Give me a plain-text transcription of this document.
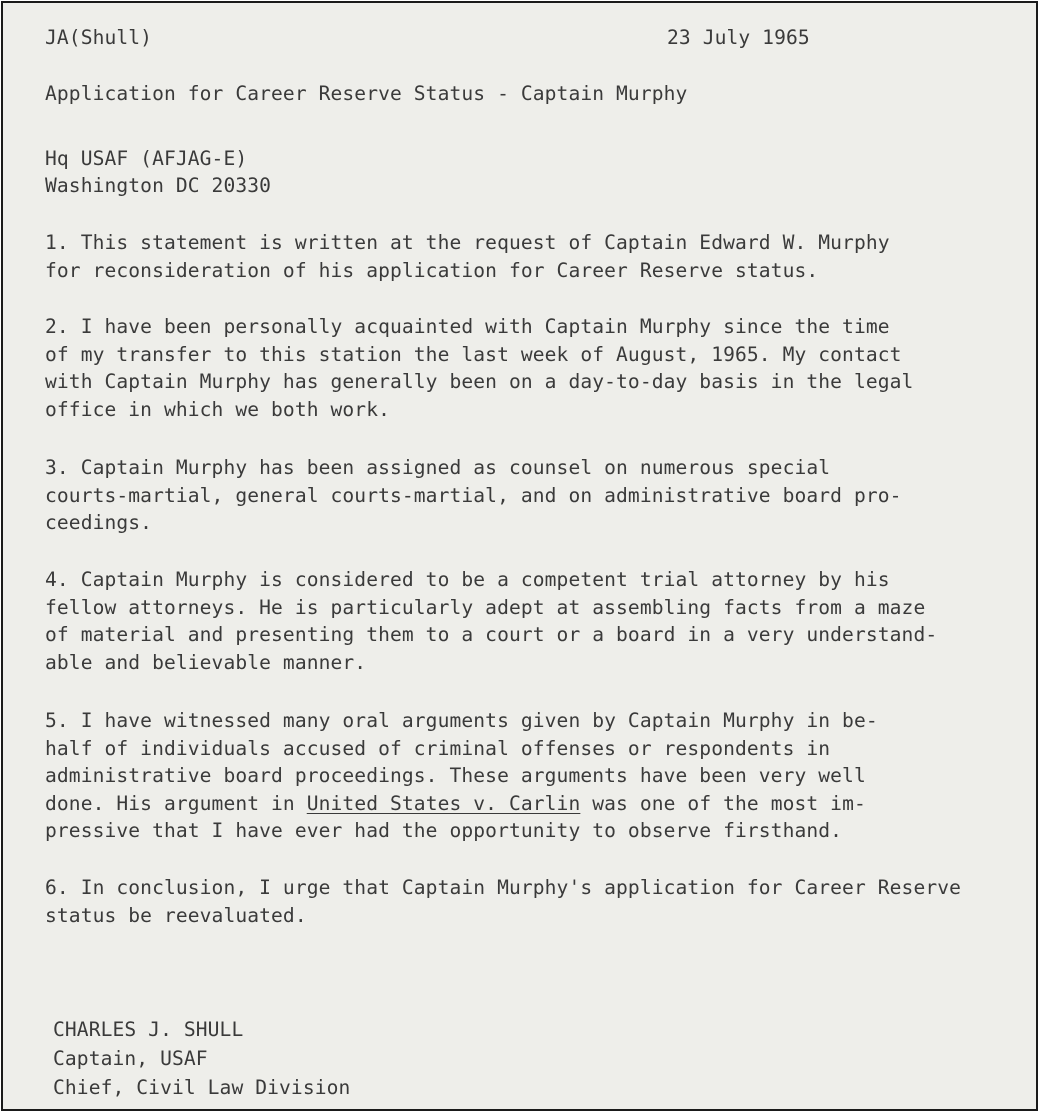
JA(Shull)	23 July 1965
Application for Career Reserve Status - Captain Murphy
Hq USAF (AFJAG-E)
Washington DC 20330
1. This statement is written at the request of Captain Edward W. Murphy
for reconsideration of his application for Career Reserve status.
2. I have been personally acquainted with Captain Murphy since the time
of my transfer to this station the last week of August, 1965. My contact
with Captain Murphy has generally been on a day-to-day basis in the legal
office in which we both work.
3. Captain Murphy has been assigned as counsel on numerous special
courts-martial, general courts-martial, and on administrative board pro-
ceedings.
4. Captain Murphy is considered to be a competent trial attorney by his
fellow attorneys. He is particularly adept at assembling facts from a maze
of material and presenting them to a court or a board in a very understand-
able and believable manner.
5. I have witnessed many oral arguments given by Captain Murphy in be-
half of individuals accused of criminal offenses or respondents in
administrative board proceedings. These arguments have been very well
done. His argument in United States v. Carlin was one of the most im-
pressive that I have ever had the opportunity to observe firsthand.
6. In conclusion, I urge that Captain Murphy's application for Career Reserve
status be reevaluated.
CHARLES J. SHULL
Captain, USAF
Chief, Civil Law Division
